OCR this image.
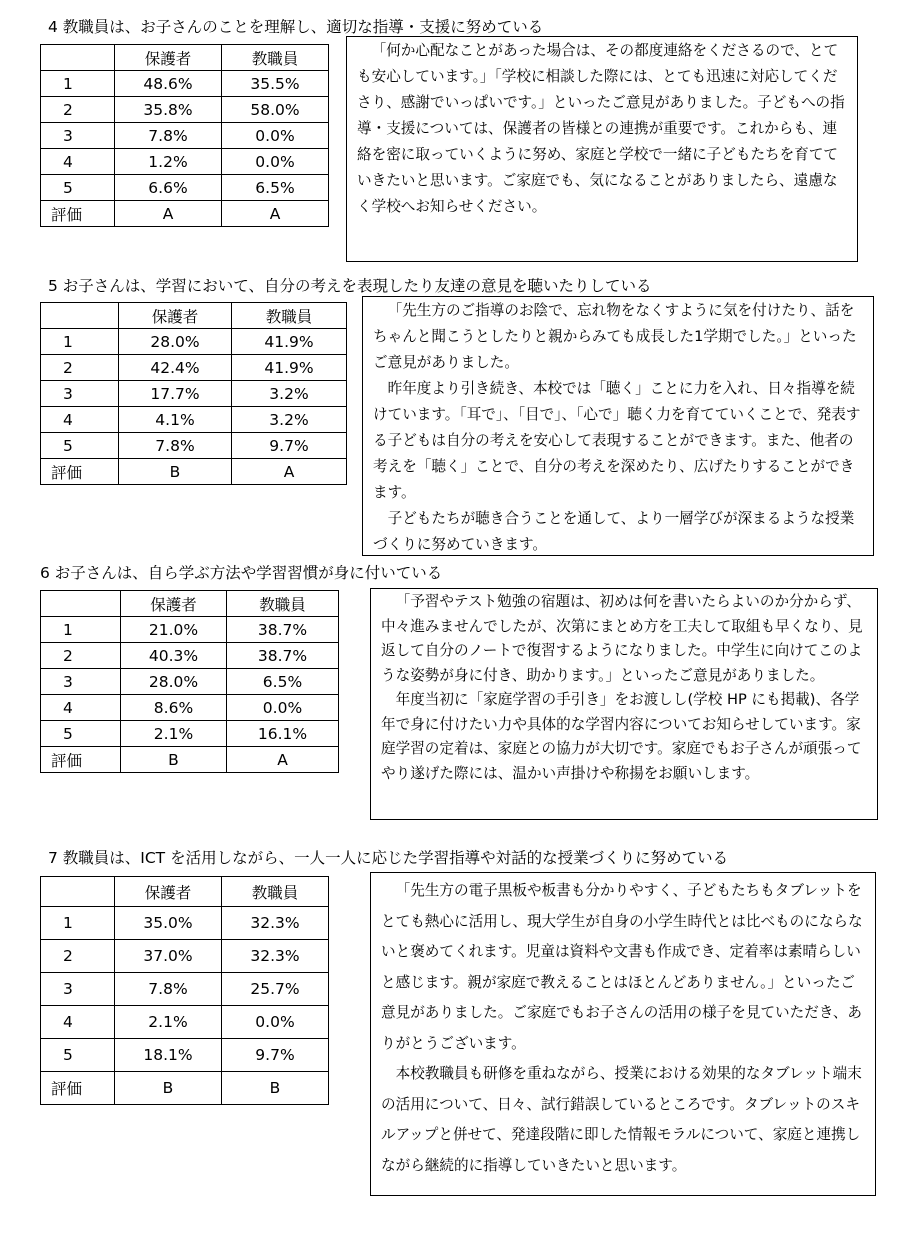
4 教職員は、お子さんのことを理解し、適切な指導・支援に努めている
	保護者	教職員
1	48.6%	35.5%
2	35.8%	58.0%
3	7.8%	0.0%
4	1.2%	0.0%
5	6.6%	6.5%
評価	A	A

「何か心配なことがあった場合は、その都度連絡をくださるので、とても安心しています。」「学校に相談した際には、とても迅速に対応してくださり、感謝でいっぱいです。」といったご意見がありました。子どもへの指導・支援については、保護者の皆様との連携が重要です。これからも、連絡を密に取っていくように努め、家庭と学校で一緒に子どもたちを育てていきたいと思います。ご家庭でも、気になることがありましたら、遠慮なく学校へお知らせください。

5 お子さんは、学習において、自分の考えを表現したり友達の意見を聴いたりしている
	保護者	教職員
1	28.0%	41.9%
2	42.4%	41.9%
3	17.7%	3.2%
4	4.1%	3.2%
5	7.8%	9.7%
評価	B	A

「先生方のご指導のお陰で、忘れ物をなくすように気を付けたり、話をちゃんと聞こうとしたりと親からみても成長した1学期でした。」といったご意見がありました。

昨年度より引き続き、本校では「聴く」ことに力を入れ、日々指導を続けています。「耳で」、「目で」、「心で」聴く力を育てていくことで、発表する子どもは自分の考えを安心して表現することができます。また、他者の考えを「聴く」ことで、自分の考えを深めたり、広げたりすることができます。

子どもたちが聴き合うことを通して、より一層学びが深まるような授業づくりに努めていきます。

6 お子さんは、自ら学ぶ方法や学習習慣が身に付いている
	保護者	教職員
1	21.0%	38.7%
2	40.3%	38.7%
3	28.0%	6.5%
4	8.6%	0.0%
5	2.1%	16.1%
評価	B	A

「予習やテスト勉強の宿題は、初めは何を書いたらよいのか分からず、中々進みませんでしたが、次第にまとめ方を工夫して取組も早くなり、見返して自分のノートで復習するようになりました。中学生に向けてこのような姿勢が身に付き、助かります。」といったご意見がありました。

年度当初に「家庭学習の手引き」をお渡しし(学校 HP にも掲載)、各学年で身に付けたい力や具体的な学習内容についてお知らせしています。家庭学習の定着は、家庭との協力が大切です。家庭でもお子さんが頑張ってやり遂げた際には、温かい声掛けや称揚をお願いします。

7 教職員は、ICT を活用しながら、一人一人に応じた学習指導や対話的な授業づくりに努めている
	保護者	教職員
1	35.0%	32.3%
2	37.0%	32.3%
3	7.8%	25.7%
4	2.1%	0.0%
5	18.1%	9.7%
評価	B	B

「先生方の電子黒板や板書も分かりやすく、子どもたちもタブレットをとても熱心に活用し、現大学生が自身の小学生時代とは比べものにならないと褒めてくれます。児童は資料や文書も作成でき、定着率は素晴らしいと感じます。親が家庭で教えることはほとんどありません。」といったご意見がありました。ご家庭でもお子さんの活用の様子を見ていただき、ありがとうございます。

本校教職員も研修を重ねながら、授業における効果的なタブレット端末の活用について、日々、試行錯誤しているところです。タブレットのスキルアップと併せて、発達段階に即した情報モラルについて、家庭と連携しながら継続的に指導していきたいと思います。
